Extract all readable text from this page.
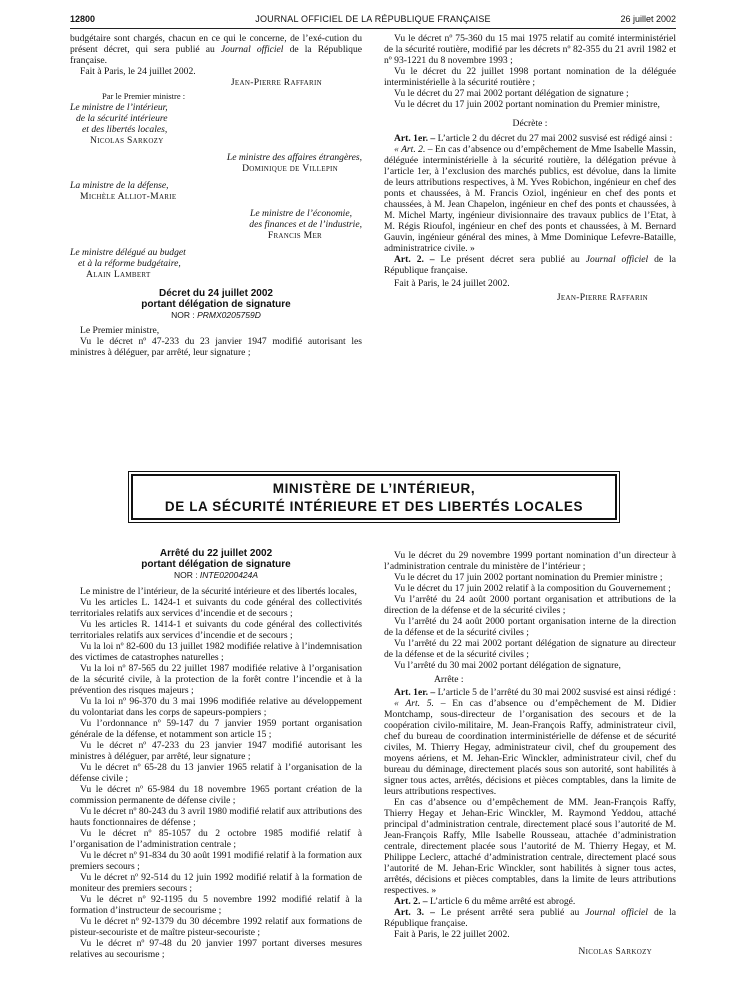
12800	JOURNAL OFFICIEL DE LA RÉPUBLIQUE FRANÇAISE	26 juillet 2002

budgétaire sont chargés, chacun en ce qui le concerne, de l’exé-cution du présent décret, qui sera publié au Journal officiel de la République française.

Fait à Paris, le 24 juillet 2002.

Jean-Pierre Raffarin

Par le Premier ministre :

Le ministre de l’intérieur,

de la sécurité intérieure

et des libertés locales,

Nicolas Sarkozy

Le ministre des affaires étrangères,

Dominique de Villepin

La ministre de la défense,

Michèle Alliot-Marie

Le ministre de l’économie,

des finances et de l’industrie,

Francis Mer

Le ministre délégué au budget

et à la réforme budgétaire,

Alain Lambert

Décret du 24 juillet 2002

portant délégation de signature

NOR : PRMX0205759D

Le Premier ministre,

Vu le décret nº 47-233 du 23 janvier 1947 modifié autorisant les ministres à déléguer, par arrêté, leur signature ;

Vu le décret nº 75-360 du 15 mai 1975 relatif au comité interministériel de la sécurité routière, modifié par les décrets nº 82-355 du 21 avril 1982 et nº 93-1221 du 8 novembre 1993 ;

Vu le décret du 22 juillet 1998 portant nomination de la déléguée interministérielle à la sécurité routière ;

Vu le décret du 27 mai 2002 portant délégation de signature ;

Vu le décret du 17 juin 2002 portant nomination du Premier ministre,

Décrète :

Art. 1er. – L’article 2 du décret du 27 mai 2002 susvisé est rédigé ainsi :

« Art. 2. – En cas d’absence ou d’empêchement de Mme Isabelle Massin, déléguée interministérielle à la sécurité routière, la délégation prévue à l’article 1er, à l’exclusion des marchés publics, est dévolue, dans la limite de leurs attributions respectives, à M. Yves Robichon, ingénieur en chef des ponts et chaussées, à M. Francis Oziol, ingénieur en chef des ponts et chaussées, à M. Jean Chapelon, ingénieur en chef des ponts et chaussées, à M. Michel Marty, ingénieur divisionnaire des travaux publics de l’Etat, à M. Régis Rioufol, ingénieur en chef des ponts et chaussées, à M. Bernard Gauvin, ingénieur général des mines, à Mme Dominique Lefevre-Bataille, administratrice civile. »

Art. 2. – Le présent décret sera publié au Journal officiel de la République française.

Fait à Paris, le 24 juillet 2002.

Jean-Pierre Raffarin

MINISTÈRE DE L’INTÉRIEUR,
DE LA SÉCURITÉ INTÉRIEURE ET DES LIBERTÉS LOCALES

Arrêté du 22 juillet 2002

portant délégation de signature

NOR : INTE0200424A

Le ministre de l’intérieur, de la sécurité intérieure et des libertés locales,

Vu les articles L. 1424-1 et suivants du code général des collectivités territoriales relatifs aux services d’incendie et de secours ;

Vu les articles R. 1414-1 et suivants du code général des collectivités territoriales relatifs aux services d’incendie et de secours ;

Vu la loi nº 82-600 du 13 juillet 1982 modifiée relative à l’indemnisation des victimes de catastrophes naturelles ;

Vu la loi nº 87-565 du 22 juillet 1987 modifiée relative à l’organisation de la sécurité civile, à la protection de la forêt contre l’incendie et à la prévention des risques majeurs ;

Vu la loi nº 96-370 du 3 mai 1996 modifiée relative au développement du volontariat dans les corps de sapeurs-pompiers ;

Vu l’ordonnance nº 59-147 du 7 janvier 1959 portant organisation générale de la défense, et notamment son article 15 ;

Vu le décret nº 47-233 du 23 janvier 1947 modifié autorisant les ministres à déléguer, par arrêté, leur signature ;

Vu le décret nº 65-28 du 13 janvier 1965 relatif à l’organisation de la défense civile ;

Vu le décret nº 65-984 du 18 novembre 1965 portant création de la commission permanente de défense civile ;

Vu le décret nº 80-243 du 3 avril 1980 modifié relatif aux attributions des hauts fonctionnaires de défense ;

Vu le décret nº 85-1057 du 2 octobre 1985 modifié relatif à l’organisation de l’administration centrale ;

Vu le décret nº 91-834 du 30 août 1991 modifié relatif à la formation aux premiers secours ;

Vu le décret nº 92-514 du 12 juin 1992 modifié relatif à la formation de moniteur des premiers secours ;

Vu le décret nº 92-1195 du 5 novembre 1992 modifié relatif à la formation d’instructeur de secourisme ;

Vu le décret nº 92-1379 du 30 décembre 1992 relatif aux formations de pisteur-secouriste et de maître pisteur-secouriste ;

Vu le décret nº 97-48 du 20 janvier 1997 portant diverses mesures relatives au secourisme ;

Vu le décret du 29 novembre 1999 portant nomination d’un directeur à l’administration centrale du ministère de l’intérieur ;

Vu le décret du 17 juin 2002 portant nomination du Premier ministre ;

Vu le décret du 17 juin 2002 relatif à la composition du Gouvernement ;

Vu l’arrêté du 24 août 2000 portant organisation et attributions de la direction de la défense et de la sécurité civiles ;

Vu l’arrêté du 24 août 2000 portant organisation interne de la direction de la défense et de la sécurité civiles ;

Vu l’arrêté du 22 mai 2002 portant délégation de signature au directeur de la défense et de la sécurité civiles ;

Vu l’arrêté du 30 mai 2002 portant délégation de signature,

Arrête :

Art. 1er. – L’article 5 de l’arrêté du 30 mai 2002 susvisé est ainsi rédigé :

« Art. 5. – En cas d’absence ou d’empêchement de M. Didier Montchamp, sous-directeur de l’organisation des secours et de la coopération civilo-militaire, M. Jean-François Raffy, administrateur civil, chef du bureau de coordination interministérielle de défense et de sécurité civiles, M. Thierry Hegay, administrateur civil, chef du groupement des moyens aériens, et M. Jehan-Eric Winckler, administrateur civil, chef du bureau du déminage, directement placés sous son autorité, sont habilités à signer tous actes, arrêtés, décisions et pièces comptables, dans la limite de leurs attributions respectives.

En cas d’absence ou d’empêchement de MM. Jean-François Raffy, Thierry Hegay et Jehan-Eric Winckler, M. Raymond Yeddou, attaché principal d’administration centrale, directement placé sous l’autorité de M. Jean-François Raffy, Mlle Isabelle Rousseau, attachée d’administration centrale, directement placée sous l’autorité de M. Thierry Hegay, et M. Philippe Leclerc, attaché d’administration centrale, directement placé sous l’autorité de M. Jehan-Eric Winckler, sont habilités à signer tous actes, arrêtés, décisions et pièces comptables, dans la limite de leurs attributions respectives. »

Art. 2. – L’article 6 du même arrêté est abrogé.

Art. 3. – Le présent arrêté sera publié au Journal officiel de la République française.

Fait à Paris, le 22 juillet 2002.

Nicolas Sarkozy
